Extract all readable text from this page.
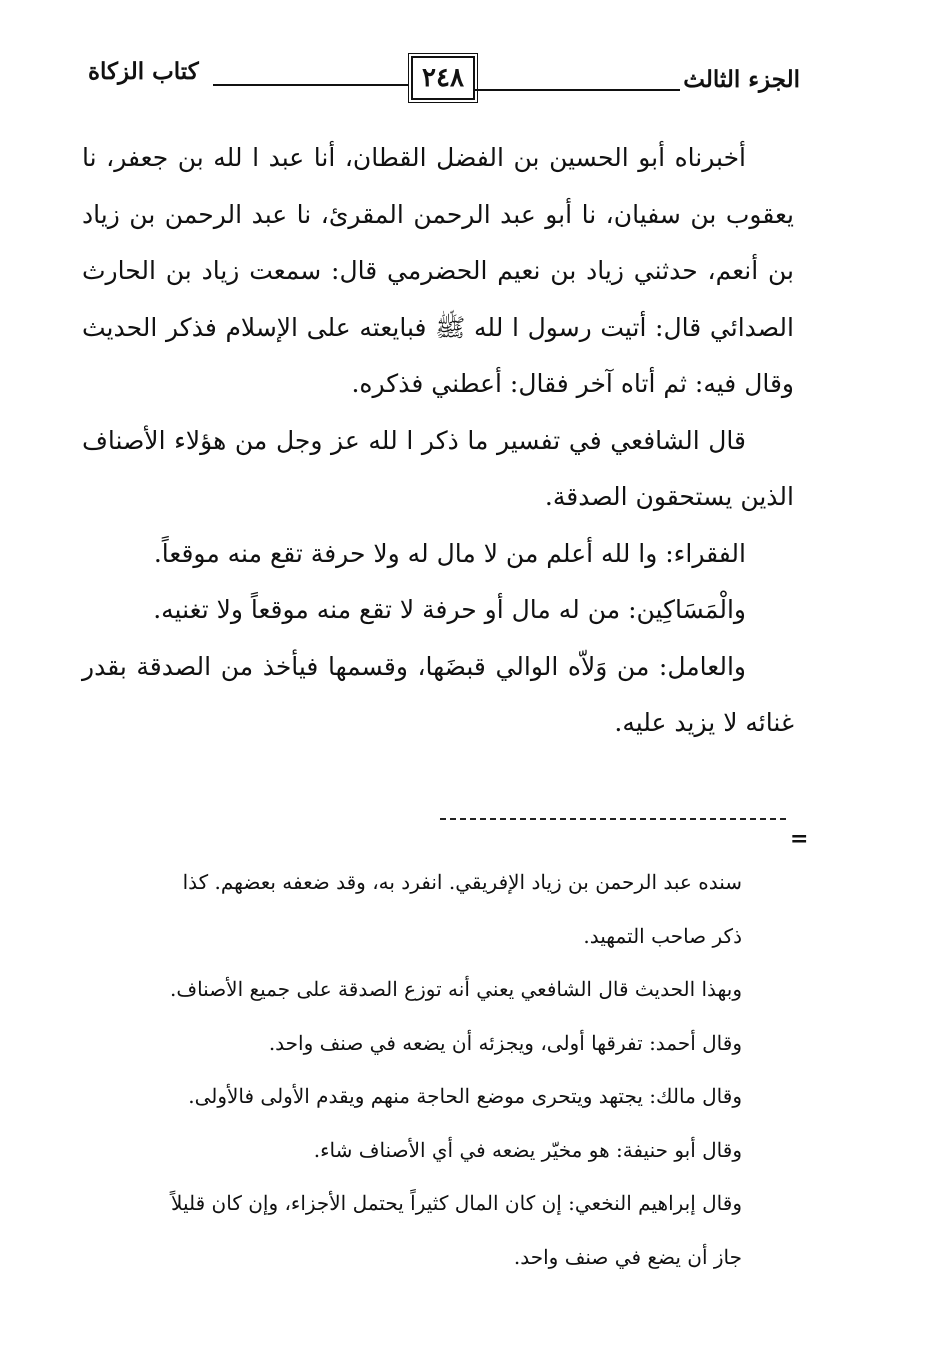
الجزء الثالث
٢٤٨
كتاب الزكاة

أخبرناه أبو الحسين بن الفضل القطان، أنا عبد ا لله بن جعفر، نا يعقوب بن سفيان، نا أبو عبد الرحمن المقرئ، نا عبد الرحمن بن زياد بن أنعم، حدثني زياد بن نعيم الحضرمي قال: سمعت زياد بن الحارث الصدائي قال: أتيت رسول ا لله ﷺ فبايعته على الإسلام فذكر الحديث وقال فيه: ثم أتاه آخر فقال: أعطني فذكره.

قال الشافعي في تفسير ما ذكر ا لله عز وجل من هؤلاء الأصناف الذين يستحقون الصدقة.

الفقراء: وا لله أعلم من لا مال له ولا حرفة تقع منه موقعاً.

والْمَسَاكِين: من له مال أو حرفة لا تقع منه موقعاً ولا تغنيه.

والعامل: من وَلاّه الوالي قبضَها، وقسمها فيأخذ من الصدقة بقدر غنائه لا يزيد عليه.

=

سنده عبد الرحمن بن زياد الإفريقي. انفرد به، وقد ضعفه بعضهم. كذا

ذكر صاحب التمهيد.

وبهذا الحديث قال الشافعي يعني أنه توزع الصدقة على جميع الأصناف.

وقال أحمد: تفرقها أولى، ويجزئه أن يضعه في صنف واحد.

وقال مالك: يجتهد ويتحرى موضع الحاجة منهم ويقدم الأولى فالأولى.

وقال أبو حنيفة: هو مخيّر يضعه في أي الأصناف شاء.

وقال إبراهيم النخعي: إن كان المال كثيراً يحتمل الأجزاء، وإن كان قليلاً

جاز أن يضع في صنف واحد.
